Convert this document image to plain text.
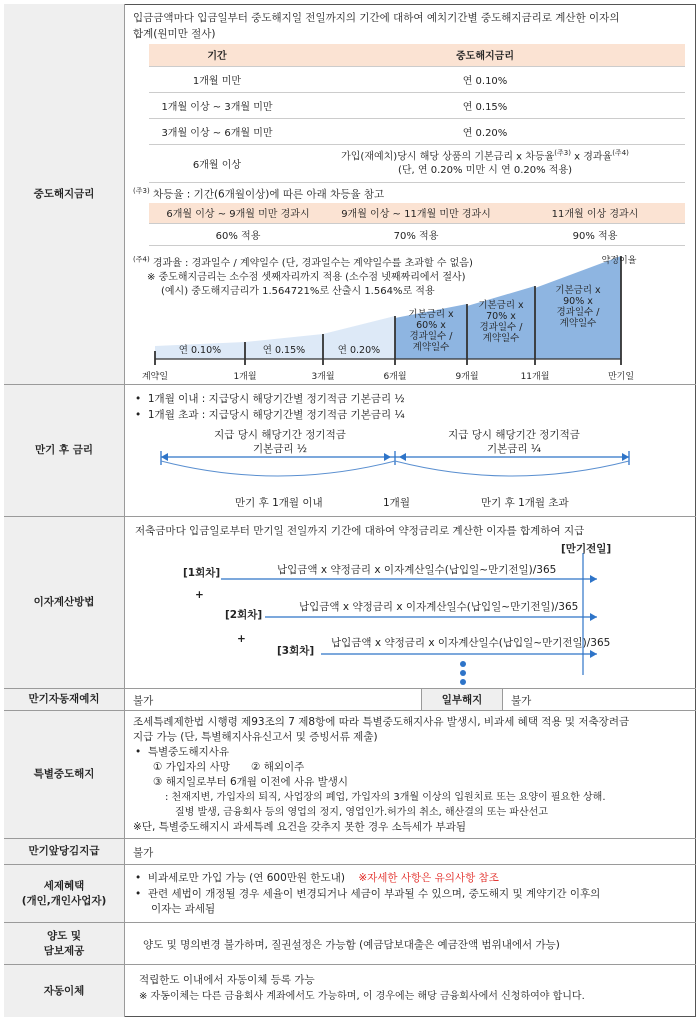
중도해지금리
입금금액마다 입금일부터 중도해지일 전일까지의 기간에 대하여 예치기간별 중도해지금리로 계산한 이자의
합계(원미만 절사)
기간	중도해지금리
1개월 미만	연 0.10%
1개월 이상 ~ 3개월 미만	연 0.15%
3개월 이상 ~ 6개월 미만	연 0.20%
6개월 이상	가입(재예치)당시 해당 상품의 기본금리 x 차등율$^{(주3)}$ x 경과율$^{(주4)}$
(단, 연 0.20% 미만 시 연 0.20% 적용)
$^{(주3)}$ 차등율 : 기간(6개월이상)에 따른 아래 차등율 참고
6개월 이상 ~ 9개월 미만 경과시	9개월 이상 ~ 11개월 미만 경과시	11개월 이상 경과시
60% 적용	70% 적용	90% 적용
$^{(주4)}$ 경과율 : 경과일수 / 계약일수 (단, 경과일수는 계약일수를 초과할 수 없음)
※ 중도해지금리는 소수점 셋째자리까지 적용 (소수점 넷째짜리에서 절사)
(예시) 중도해지금리가 1.564721%로 산출시 1.564%로 적용
계약일	1개월	3개월	6개월	9개월	11개월	만기일
약정이율
연 0.10%	연 0.15%	연 0.20%
기본금리 x
60% x
경과일수 /
계약일수
기본금리 x
70% x
경과일수 /
계약일수
기본금리 x
90% x
경과일수 /
계약일수
만기 후 금리
•  1개월 이내 : 지급당시 해당기간별 정기적금 기본금리 ½
•  1개월 초과 : 지급당시 해당기간별 정기적금 기본금리 ¼
지급 당시 해당기간 정기적금
기본금리 ½
지급 당시 해당기간 정기적금
기본금리 ¼
만기 후 1개월 이내	1개월	만기 후 1개월 초과
이자계산방법
저축금마다 입금일로부터 만기일 전일까지 기간에 대하여 약정금리로 계산한 이자를 합계하여 지급
[만기전일]
[1회차]	납입금액 x 약정금리 x 이자계산일수(납입일~만기전일)/365
+
[2회차]
납입금액 x 약정금리 x 이자계산일수(납입일~만기전일)/365
+
[3회차]
납입금액 x 약정금리 x 이자계산일수(납입일~만기전일)/365
만기자동재예치	불가	일부해지	불가
특별중도해지
조세특례제한법 시행령 제93조의 7 제8항에 따라 특별중도해지사유 발생시, 비과세 혜택 적용 및 저축장려금
지급 가능 (단, 특별해지사유신고서 및 증빙서류 제출)
•  특별중도해지사유
① 가입자의 사망 ② 해외이주
③ 해지일로부터 6개월 이전에 사유 발생시
: 천재지변, 가입자의 퇴직, 사업장의 폐업, 가입자의 3개월 이상의 입원치료 또는 요양이 필요한 상해.
질병 발생, 금융회사 등의 영업의 정지, 영업인가.허가의 취소, 해산결의 또는 파산선고
※단, 특별중도해지시 과세특례 요건을 갖추지 못한 경우 소득세가 부과됨
만기앞당김지급	불가
세제혜택
(개인,개인사업자)
•  비과세로만 가입 가능 (연 600만원 한도내) ※자세한 사항은 유의사항 참조
•  관련 세법이 개정될 경우 세율이 변경되거나 세금이 부과될 수 있으며, 중도해지 및 계약기간 이후의
이자는 과세됨
양도 및
담보제공	양도 및 명의변경 불가하며, 질권설정은 가능함 (예금담보대출은 예금잔액 범위내에서 가능)
자동이체
적립한도 이내에서 자동이체 등록 가능
※ 자동이체는 다른 금융회사 계좌에서도 가능하며, 이 경우에는 해당 금융회사에서 신청하여야 합니다.
